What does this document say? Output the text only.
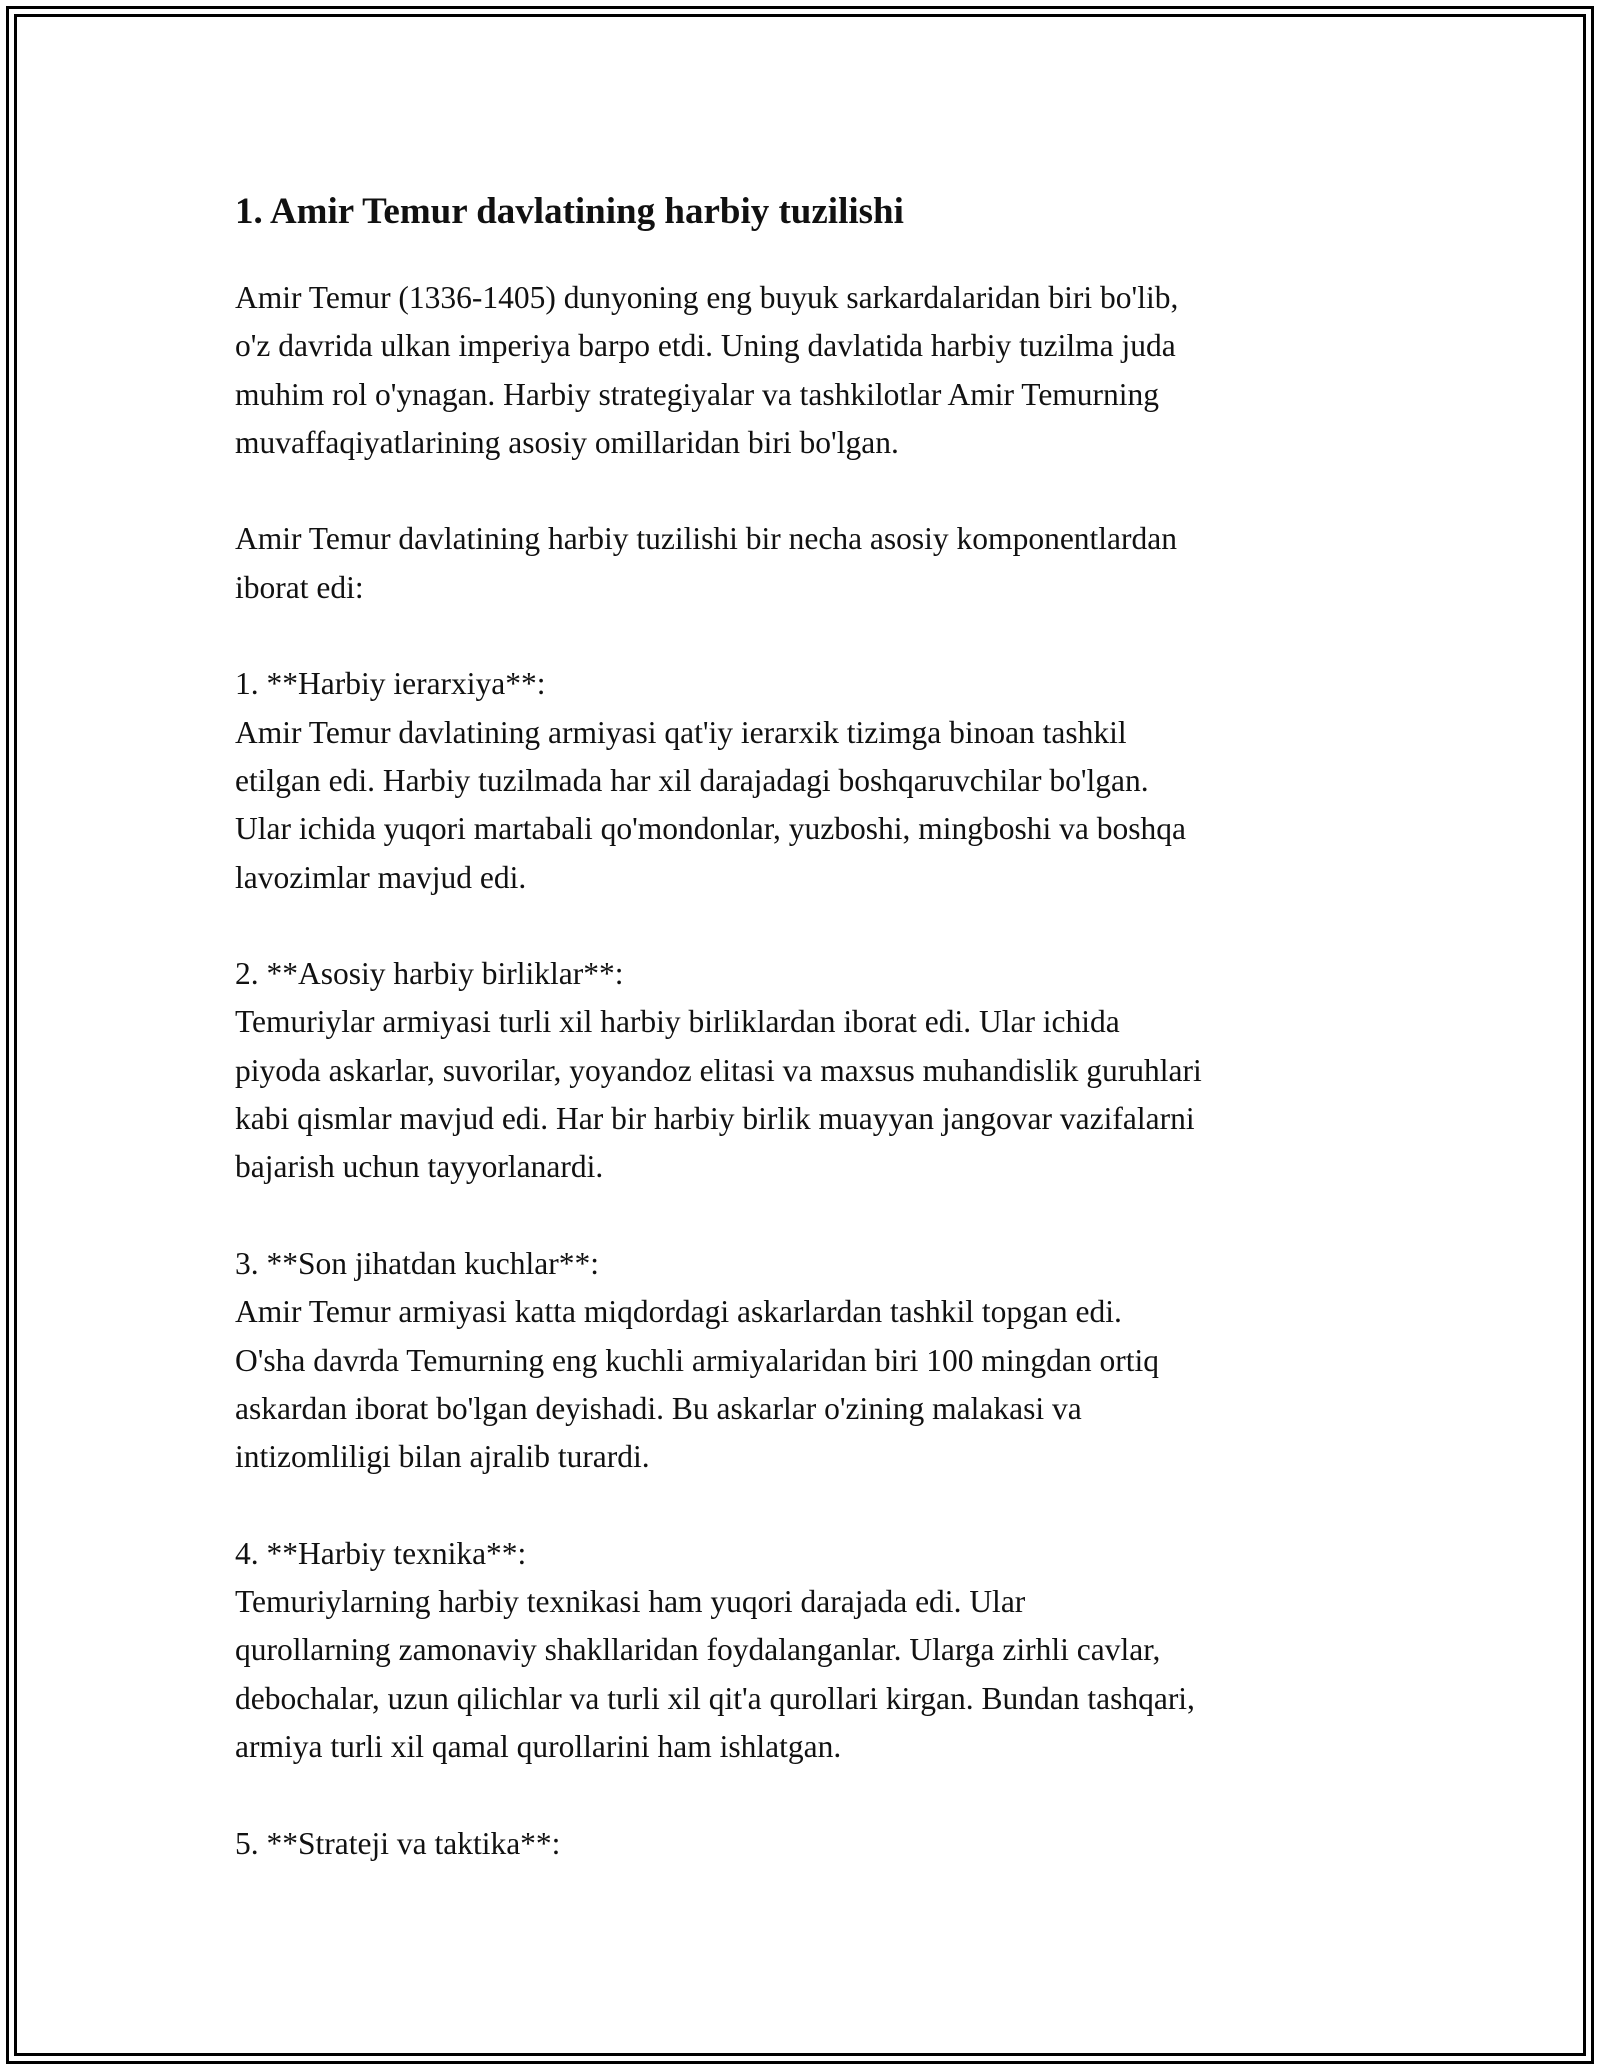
1. Amir Temur davlatining harbiy tuzilishi

Amir Temur (1336-1405) dunyoning eng buyuk sarkardalaridan biri bo'lib,
o'z davrida ulkan imperiya barpo etdi. Uning davlatida harbiy tuzilma juda
muhim rol o'ynagan. Harbiy strategiyalar va tashkilotlar Amir Temurning
muvaffaqiyatlarining asosiy omillaridan biri bo'lgan.

Amir Temur davlatining harbiy tuzilishi bir necha asosiy komponentlardan
iborat edi:

1. **Harbiy ierarxiya**:

Amir Temur davlatining armiyasi qat'iy ierarxik tizimga binoan tashkil
etilgan edi. Harbiy tuzilmada har xil darajadagi boshqaruvchilar bo'lgan.
Ular ichida yuqori martabali qo'mondonlar, yuzboshi, mingboshi va boshqa
lavozimlar mavjud edi.

2. **Asosiy harbiy birliklar**:

Temuriylar armiyasi turli xil harbiy birliklardan iborat edi. Ular ichida
piyoda askarlar, suvorilar, yoyandoz elitasi va maxsus muhandislik guruhlari
kabi qismlar mavjud edi. Har bir harbiy birlik muayyan jangovar vazifalarni
bajarish uchun tayyorlanardi.

3. **Son jihatdan kuchlar**:

Amir Temur armiyasi katta miqdordagi askarlardan tashkil topgan edi.
O'sha davrda Temurning eng kuchli armiyalaridan biri 100 mingdan ortiq
askardan iborat bo'lgan deyishadi. Bu askarlar o'zining malakasi va
intizomliligi bilan ajralib turardi.

4. **Harbiy texnika**:

Temuriylarning harbiy texnikasi ham yuqori darajada edi. Ular
qurollarning zamonaviy shakllaridan foydalanganlar. Ularga zirhli cavlar,
debochalar, uzun qilichlar va turli xil qit'a qurollari kirgan. Bundan tashqari,
armiya turli xil qamal qurollarini ham ishlatgan.

5. **Strateji va taktika**:
